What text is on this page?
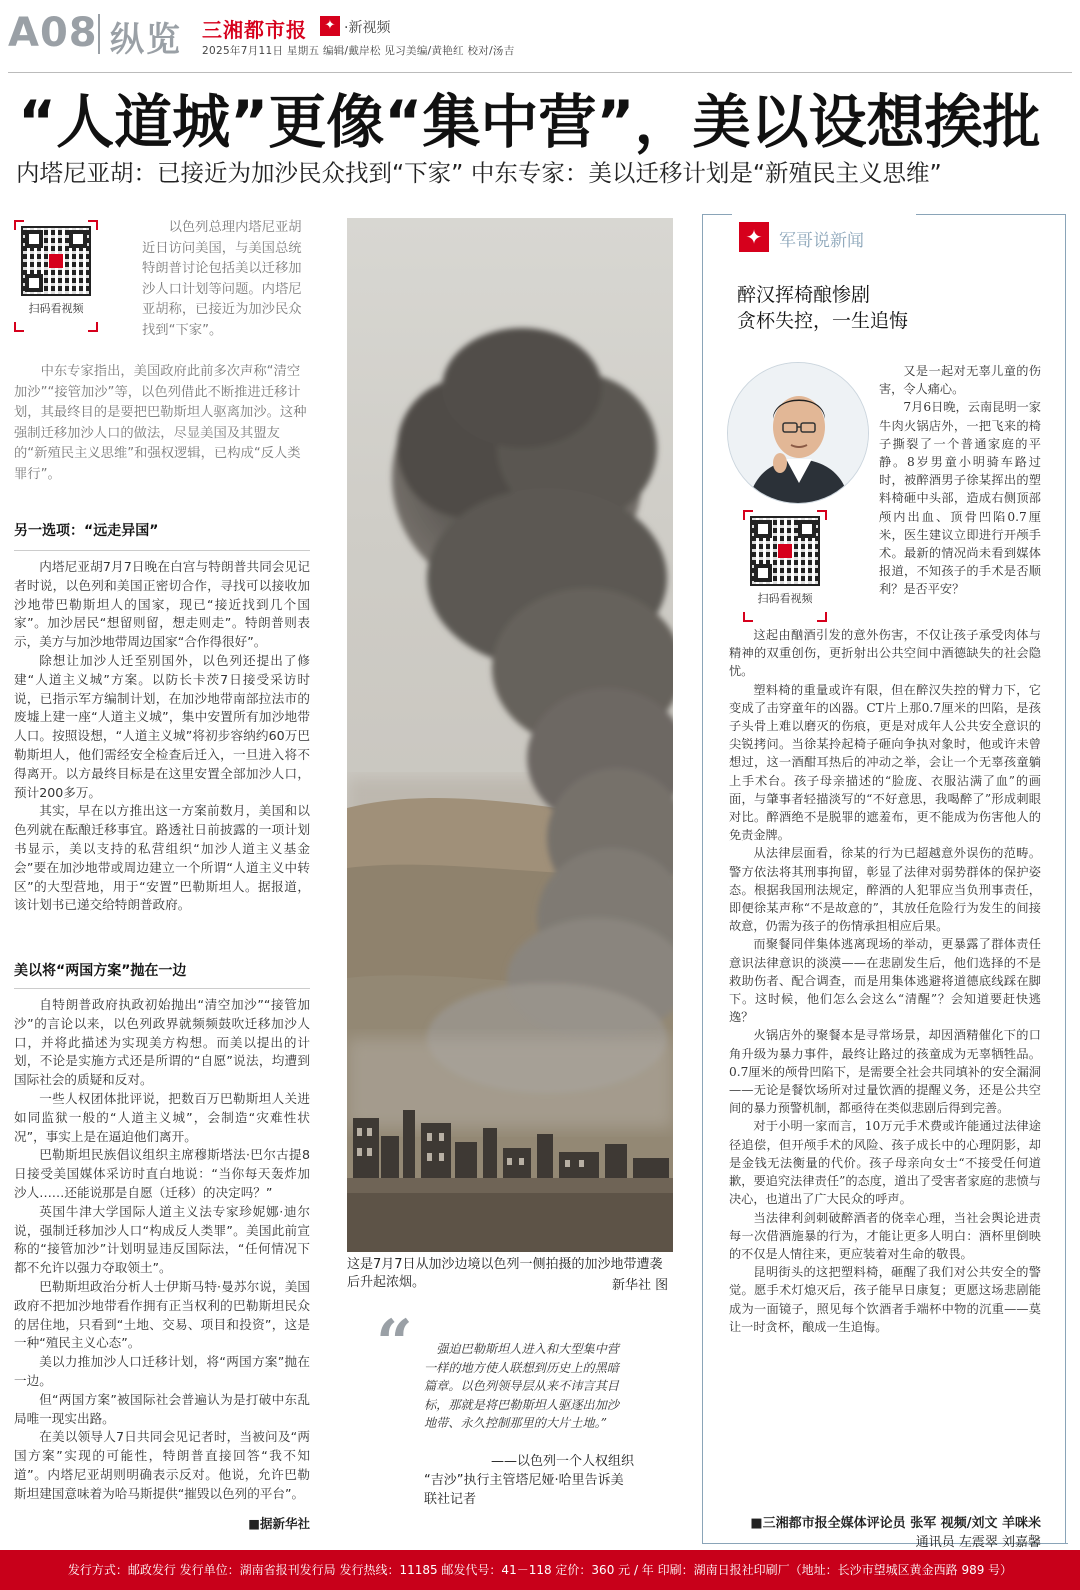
A08 纵览 三湘都市报	✦ ·新视频
2025年7月11日 星期五 编辑/戴岸松 见习美编/黄艳红 校对/汤吉
“人道城”更像“集中营”，美以设想挨批
内塔尼亚胡：已接近为加沙民众找到“下家” 中东专家：美以迁移计划是“新殖民主义思维”
扫码看视频

以色列总理内塔尼亚胡近日访问美国，与美国总统特朗普讨论包括美以迁移加沙人口计划等问题。内塔尼亚胡称，已接近为加沙民众找到“下家”。

中东专家指出，美国政府此前多次声称“清空加沙”“接管加沙”等，以色列借此不断推进迁移计划，其最终目的是要把巴勒斯坦人驱离加沙。这种强制迁移加沙人口的做法，尽显美国及其盟友的“新殖民主义思维”和强权逻辑，已构成“反人类罪行”。

另一选项：“远走异国”

内塔尼亚胡7月7日晚在白宫与特朗普共同会见记者时说，以色列和美国正密切合作，寻找可以接收加沙地带巴勒斯坦人的国家，现已“接近找到几个国家”。加沙居民“想留则留，想走则走”。特朗普则表示，美方与加沙地带周边国家“合作得很好”。

除想让加沙人迁至别国外，以色列还提出了修建“人道主义城”方案。以防长卡茨7日接受采访时说，已指示军方编制计划，在加沙地带南部拉法市的废墟上建一座“人道主义城”，集中安置所有加沙地带人口。按照设想，“人道主义城”将初步容纳约60万巴勒斯坦人，他们需经安全检查后迁入，一旦进入将不得离开。以方最终目标是在这里安置全部加沙人口，预计200多万。

其实，早在以方推出这一方案前数月，美国和以色列就在酝酿迁移事宜。路透社日前披露的一项计划书显示，美以支持的私营组织“加沙人道主义基金会”要在加沙地带或周边建立一个所谓“人道主义中转区”的大型营地，用于“安置”巴勒斯坦人。据报道，该计划书已递交给特朗普政府。

美以将“两国方案”抛在一边

自特朗普政府执政初始抛出“清空加沙”“接管加沙”的言论以来，以色列政界就频频鼓吹迁移加沙人口，并将此描述为实现美方构想。而美以提出的计划，不论是实施方式还是所谓的“自愿”说法，均遭到国际社会的质疑和反对。

一些人权团体批评说，把数百万巴勒斯坦人关进如同监狱一般的“人道主义城”，会制造“灾难性状况”，事实上是在逼迫他们离开。

巴勒斯坦民族倡议组织主席穆斯塔法·巴尔古提8日接受美国媒体采访时直白地说：“当你每天轰炸加沙人……还能说那是自愿（迁移）的决定吗？”

英国牛津大学国际人道主义法专家珍妮娜·迪尔说，强制迁移加沙人口“构成反人类罪”。美国此前宣称的“接管加沙”计划明显违反国际法，“任何情况下都不允许以强力夺取领土”。

巴勒斯坦政治分析人士伊斯马特·曼苏尔说，美国政府不把加沙地带看作拥有正当权利的巴勒斯坦民众的居住地，只看到“土地、交易、项目和投资”，这是一种“殖民主义心态”。

美以力推加沙人口迁移计划，将“两国方案”抛在一边。

但“两国方案”被国际社会普遍认为是打破中东乱局唯一现实出路。

在美以领导人7日共同会见记者时，当被问及“两国方案”实现的可能性，特朗普直接回答“我不知道”。内塔尼亚胡则明确表示反对。他说，允许巴勒斯坦建国意味着为哈马斯提供“摧毁以色列的平台”。

■据新华社
这是7月7日从加沙边境以色列一侧拍摄的加沙地带遭袭后升起浓烟。	新华社 图
“	强迫巴勒斯坦人进入和大型集中营一样的地方使人联想到历史上的黑暗篇章。以色列领导层从来不讳言其目标，那就是将巴勒斯坦人驱逐出加沙地带、永久控制那里的大片土地。”
——以色列一个人权组织
“吉沙”执行主管塔尼娅·哈里告诉美联社记者
✦ 军哥说新闻
醉汉挥椅酿惨剧
贪杯失控，一生追悔
扫码看视频

又是一起对无辜儿童的伤害，令人痛心。

7月6日晚，云南昆明一家牛肉火锅店外，一把飞来的椅子撕裂了一个普通家庭的平静。8岁男童小明骑车路过时，被醉酒男子徐某挥出的塑料椅砸中头部，造成右侧顶部颅内出血、顶骨凹陷0.7厘米，医生建议立即进行开颅手术。最新的情况尚未看到媒体报道，不知孩子的手术是否顺利？是否平安？

这起由酗酒引发的意外伤害，不仅让孩子承受肉体与精神的双重创伤，更折射出公共空间中酒德缺失的社会隐忧。

塑料椅的重量或许有限，但在醉汉失控的臂力下，它变成了击穿童年的凶器。CT片上那0.7厘米的凹陷，是孩子头骨上难以磨灭的伤痕，更是对成年人公共安全意识的尖锐拷问。当徐某拎起椅子砸向争执对象时，他或许未曾想过，这一酒酣耳热后的冲动之举，会让一个无辜孩童躺上手术台。孩子母亲描述的“脸庞、衣服沾满了血”的画面，与肇事者轻描淡写的“不好意思，我喝醉了”形成刺眼对比。醉酒绝不是脱罪的遮羞布，更不能成为伤害他人的免责金牌。

从法律层面看，徐某的行为已超越意外误伤的范畴。警方依法将其刑事拘留，彰显了法律对弱势群体的保护姿态。根据我国刑法规定，醉酒的人犯罪应当负刑事责任，即便徐某声称“不是故意的”，其放任危险行为发生的间接故意，仍需为孩子的伤情承担相应后果。

而聚餐同伴集体逃离现场的举动，更暴露了群体责任意识法律意识的淡漠——在悲剧发生后，他们选择的不是救助伤者、配合调查，而是用集体逃避将道德底线踩在脚下。这时候，他们怎么会这么“清醒”？会知道要赶快逃逸？

火锅店外的聚餐本是寻常场景，却因酒精催化下的口角升级为暴力事件，最终让路过的孩童成为无辜牺牲品。0.7厘米的颅骨凹陷下，是需要全社会共同填补的安全漏洞——无论是餐饮场所对过量饮酒的提醒义务，还是公共空间的暴力预警机制，都亟待在类似悲剧后得到完善。

对于小明一家而言，10万元手术费或许能通过法律途径追偿，但开颅手术的风险、孩子成长中的心理阴影，却是金钱无法衡量的代价。孩子母亲向女士“不接受任何道歉，要追究法律责任”的态度，道出了受害者家庭的悲愤与决心，也道出了广大民众的呼声。

当法律利剑刺破醉酒者的侥幸心理，当社会舆论进责每一次借酒施暴的行为，才能让更多人明白：酒杯里倒映的不仅是人情往来，更应装着对生命的敬畏。

昆明街头的这把塑料椅，砸醒了我们对公共安全的警觉。愿手术灯熄灭后，孩子能早日康复；更愿这场悲剧能成为一面镜子，照见每个饮酒者手端杯中物的沉重——莫让一时贪杯，酿成一生追悔。

■三湘都市报全媒体评论员 张军 视频/刘文 羊咪米
通讯员 左震翠 刘嘉馨
发行方式：邮政发行 发行单位：湖南省报刊发行局 发行热线：11185 邮发代号：41－118 定价：360 元 / 年 印刷：湖南日报社印刷厂（地址：长沙市望城区黄金西路 989 号）
